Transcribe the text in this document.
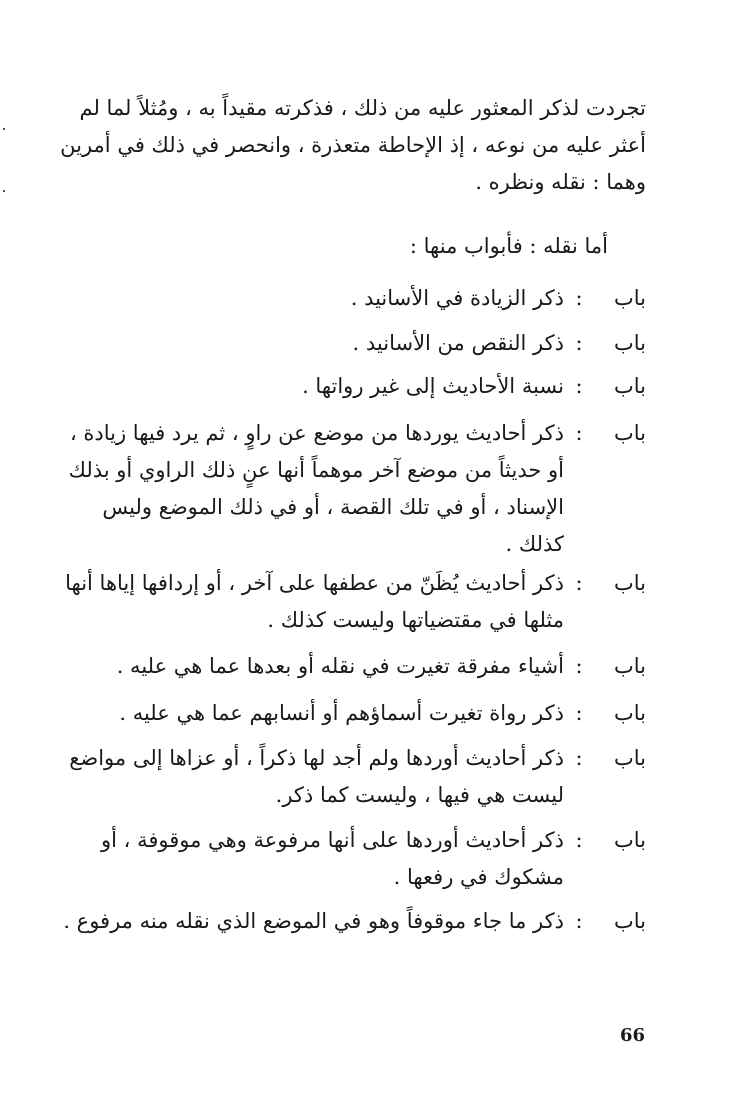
تجردت لذكر المعثور عليه من ذلك ، فذكرته مقيداً به ، ومُثلاً لما لم
أعثر عليه من نوعه ، إذ الإحاطة متعذرة ، وانحصر في ذلك في أمرين
وهما : نقله ونظره .

أما نقله : فأبواب منها :

باب
:
ذكر الزيادة في الأسانيد .
باب
:
ذكر النقص من الأسانيد .
باب
:
نسبة الأحاديث إلى غير رواتها .
باب
:
ذكر أحاديث يوردها من موضع عن راوٍ ، ثم يرد فيها زيادة ،
أو حديثاً من موضع آخر موهماً أنها عنٍ ذلك الراوي أو بذلك
الإسناد ، أو في تلك القصة ، أو في ذلك الموضع وليس
كذلك .
باب
:
ذكر أحاديث يُظَنّ من عطفها على آخر ، أو إردافها إياها أنها
مثلها في مقتضياتها وليست كذلك .
باب
:
أشياء مفرقة تغيرت في نقله أو بعدها عما هي عليه .
باب
:
ذكر رواة تغيرت أسماؤهم أو أنسابهم عما هي عليه .
باب
:
ذكر أحاديث أوردها ولم أجد لها ذكراً ، أو عزاها إلى مواضع
ليست هي فيها ، وليست كما ذكر.
باب
:
ذكر أحاديث أوردها على أنها مرفوعة وهي موقوفة ، أو
مشكوك في رفعها .
باب
:
ذكر ما جاء موقوفاً وهو في الموضع الذي نقله منه مرفوع .
66
